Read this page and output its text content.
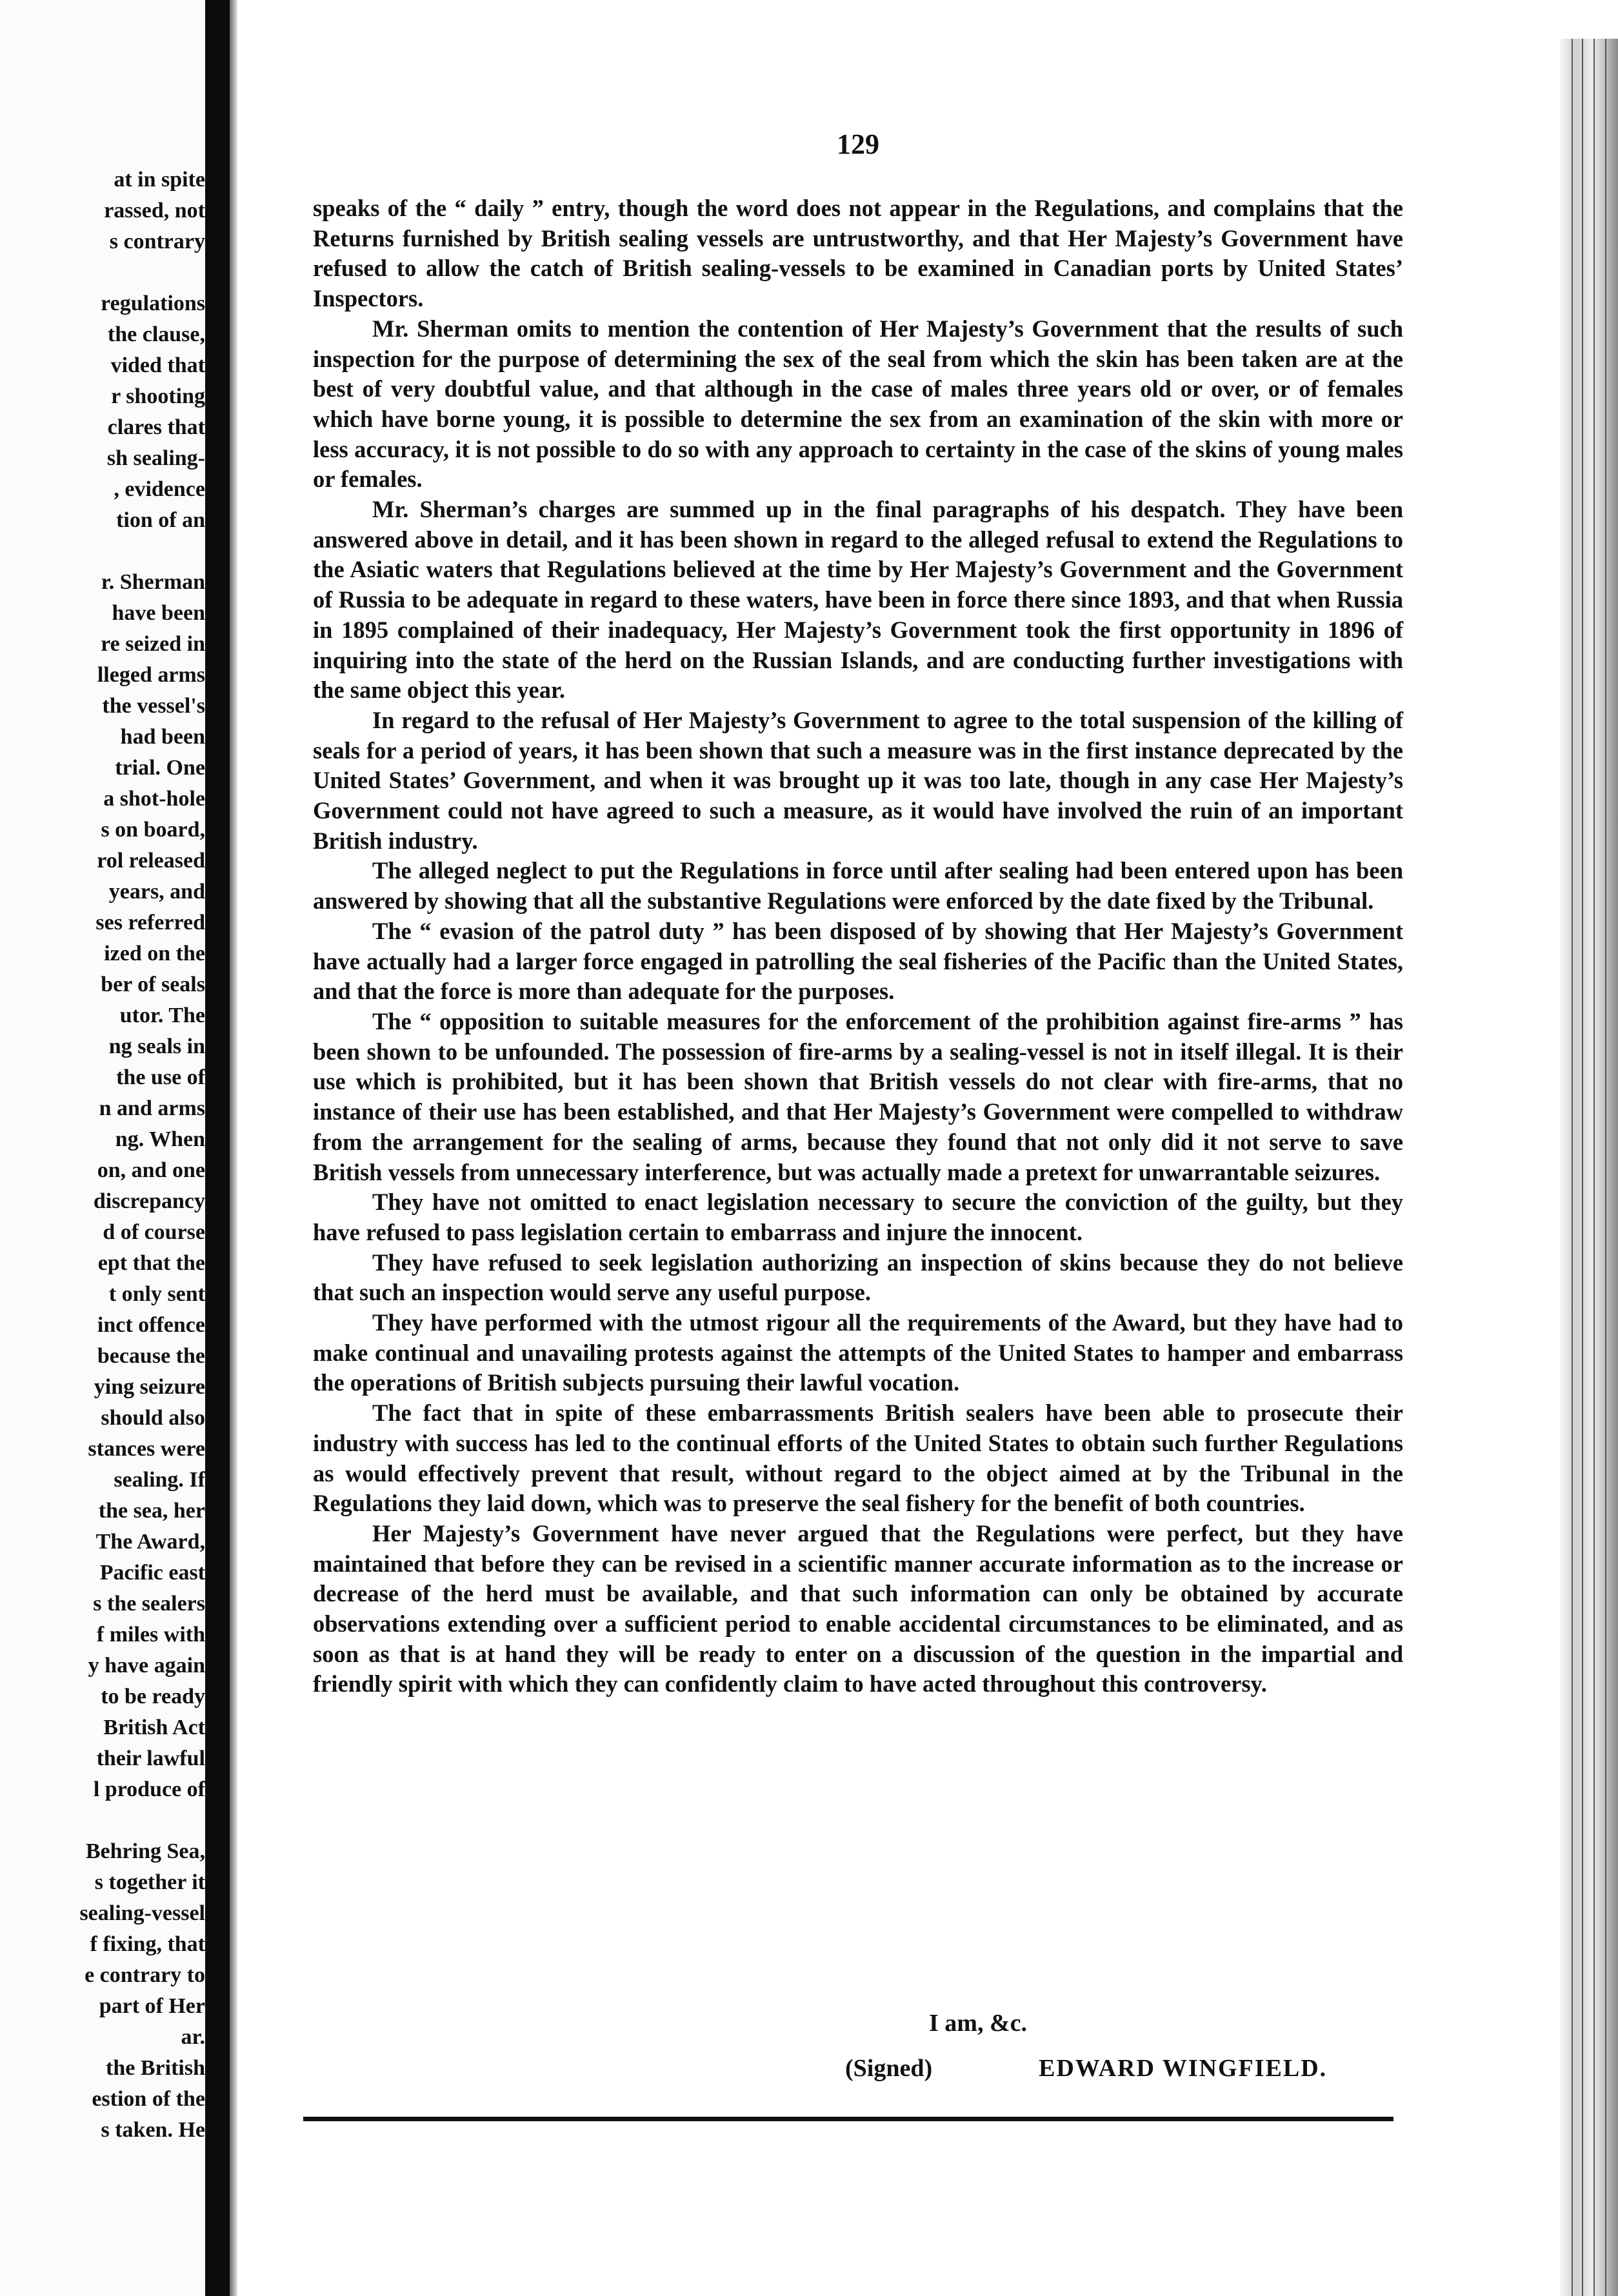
at in spite
rassed, not
s contrary
regulations
the clause,
vided that
r shooting
clares that
sh sealing-
, evidence
tion of an
r. Sherman
have been
re seized in
lleged arms
the vessel's
had been
trial. One
a shot-hole
s on board,
rol released
years, and
ses referred
ized on the
ber of seals
utor. The
ng seals in
the use of
n and arms
ng. When
on, and one
discrepancy
d of course
ept that the
t only sent
inct offence
because the
ying seizure
should also
stances were
sealing. If
the sea, her
The Award,
Pacific east
s the sealers
f miles with
y have again
to be ready
British Act
their lawful
l produce of
Behring Sea,
s together it
sealing-vessel
f fixing, that
e contrary to
part of Her
ar.
the British
estion of the
s taken. He
129

speaks of the “ daily ” entry, though the word does not appear in the Regulations, and complains that the Returns furnished by British sealing vessels are untrustworthy, and that Her Majesty’s Government have refused to allow the catch of British sealing-vessels to be examined in Canadian ports by United States’ Inspectors.

Mr. Sherman omits to mention the contention of Her Majesty’s Government that the results of such inspection for the purpose of determining the sex of the seal from which the skin has been taken are at the best of very doubtful value, and that although in the case of males three years old or over, or of females which have borne young, it is possible to determine the sex from an examination of the skin with more or less accuracy, it is not possible to do so with any approach to certainty in the case of the skins of young males or females.

Mr. Sherman’s charges are summed up in the final paragraphs of his despatch. They have been answered above in detail, and it has been shown in regard to the alleged refusal to extend the Regulations to the Asiatic waters that Regulations believed at the time by Her Majesty’s Government and the Government of Russia to be adequate in regard to these waters, have been in force there since 1893, and that when Russia in 1895 complained of their inadequacy, Her Majesty’s Government took the first opportunity in 1896 of inquiring into the state of the herd on the Russian Islands, and are conducting further investigations with the same object this year.

In regard to the refusal of Her Majesty’s Government to agree to the total suspension of the killing of seals for a period of years, it has been shown that such a measure was in the first instance deprecated by the United States’ Government, and when it was brought up it was too late, though in any case Her Majesty’s Government could not have agreed to such a measure, as it would have involved the ruin of an important British industry.

The alleged neglect to put the Regulations in force until after sealing had been entered upon has been answered by showing that all the substantive Regulations were enforced by the date fixed by the Tribunal.

The “ evasion of the patrol duty ” has been disposed of by showing that Her Majesty’s Government have actually had a larger force engaged in patrolling the seal fisheries of the Pacific than the United States, and that the force is more than adequate for the purposes.

The “ opposition to suitable measures for the enforcement of the prohibition against fire-arms ” has been shown to be unfounded. The possession of fire-arms by a sealing-vessel is not in itself illegal. It is their use which is prohibited, but it has been shown that British vessels do not clear with fire-arms, that no instance of their use has been established, and that Her Majesty’s Government were compelled to withdraw from the arrangement for the sealing of arms, because they found that not only did it not serve to save British vessels from unnecessary interference, but was actually made a pretext for unwarrantable seizures.

They have not omitted to enact legislation necessary to secure the conviction of the guilty, but they have refused to pass legislation certain to embarrass and injure the innocent.

They have refused to seek legislation authorizing an inspection of skins because they do not believe that such an inspection would serve any useful purpose.

They have performed with the utmost rigour all the requirements of the Award, but they have had to make continual and unavailing protests against the attempts of the United States to hamper and embarrass the operations of British subjects pursuing their lawful vocation.

The fact that in spite of these embarrassments British sealers have been able to prosecute their industry with success has led to the continual efforts of the United States to obtain such further Regulations as would effectively prevent that result, without regard to the object aimed at by the Tribunal in the Regulations they laid down, which was to preserve the seal fishery for the benefit of both countries.

Her Majesty’s Government have never argued that the Regulations were perfect, but they have maintained that before they can be revised in a scientific manner accurate information as to the increase or decrease of the herd must be available, and that such information can only be obtained by accurate observations extending over a sufficient period to enable accidental circumstances to be eliminated, and as soon as that is at hand they will be ready to enter on a discussion of the question in the impartial and friendly spirit with which they can confidently claim to have acted throughout this controversy.

I am, &c.
(Signed)	EDWARD WINGFIELD.
